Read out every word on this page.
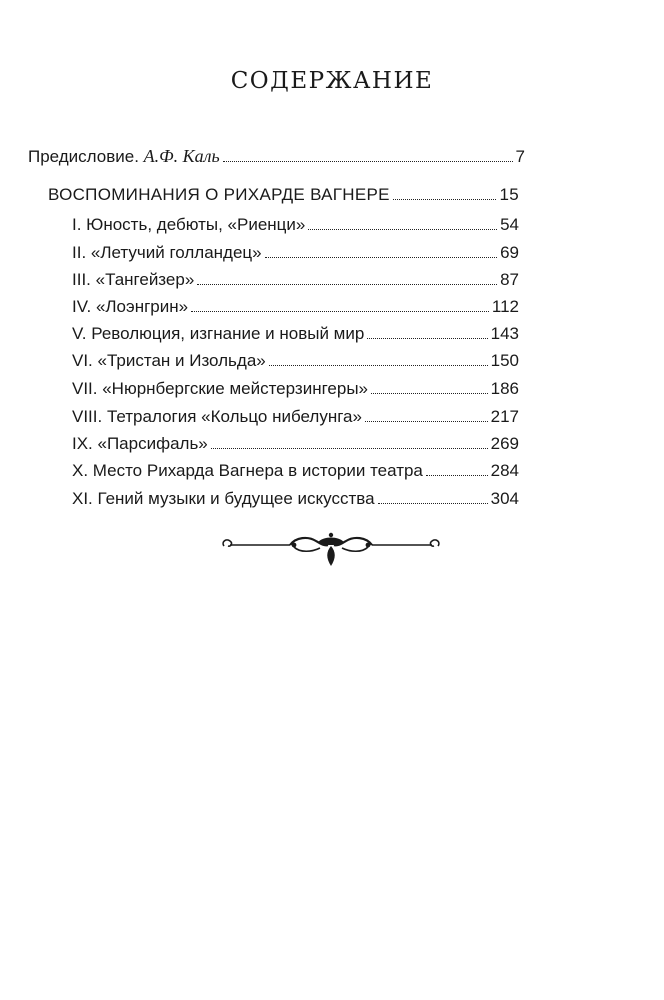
СОДЕРЖАНИЕ
Предисловие. А.Ф. Каль	7
ВОСПОМИНАНИЯ О РИХАРДЕ ВАГНЕРЕ	15
I. Юность, дебюты, «Риенци»	54
II. «Летучий голландец»	69
III. «Тангейзер»	87
IV. «Лоэнгрин»	112
V. Революция, изгнание и новый мир	143
VI. «Тристан и Изольда»	150
VII. «Нюрнбергские мейстерзингеры»	186
VIII. Тетралогия «Кольцо нибелунга»	217
IX. «Парсифаль»	269
X. Место Рихарда Вагнера в истории театра	284
XI. Гений музыки и будущее искусства	304
